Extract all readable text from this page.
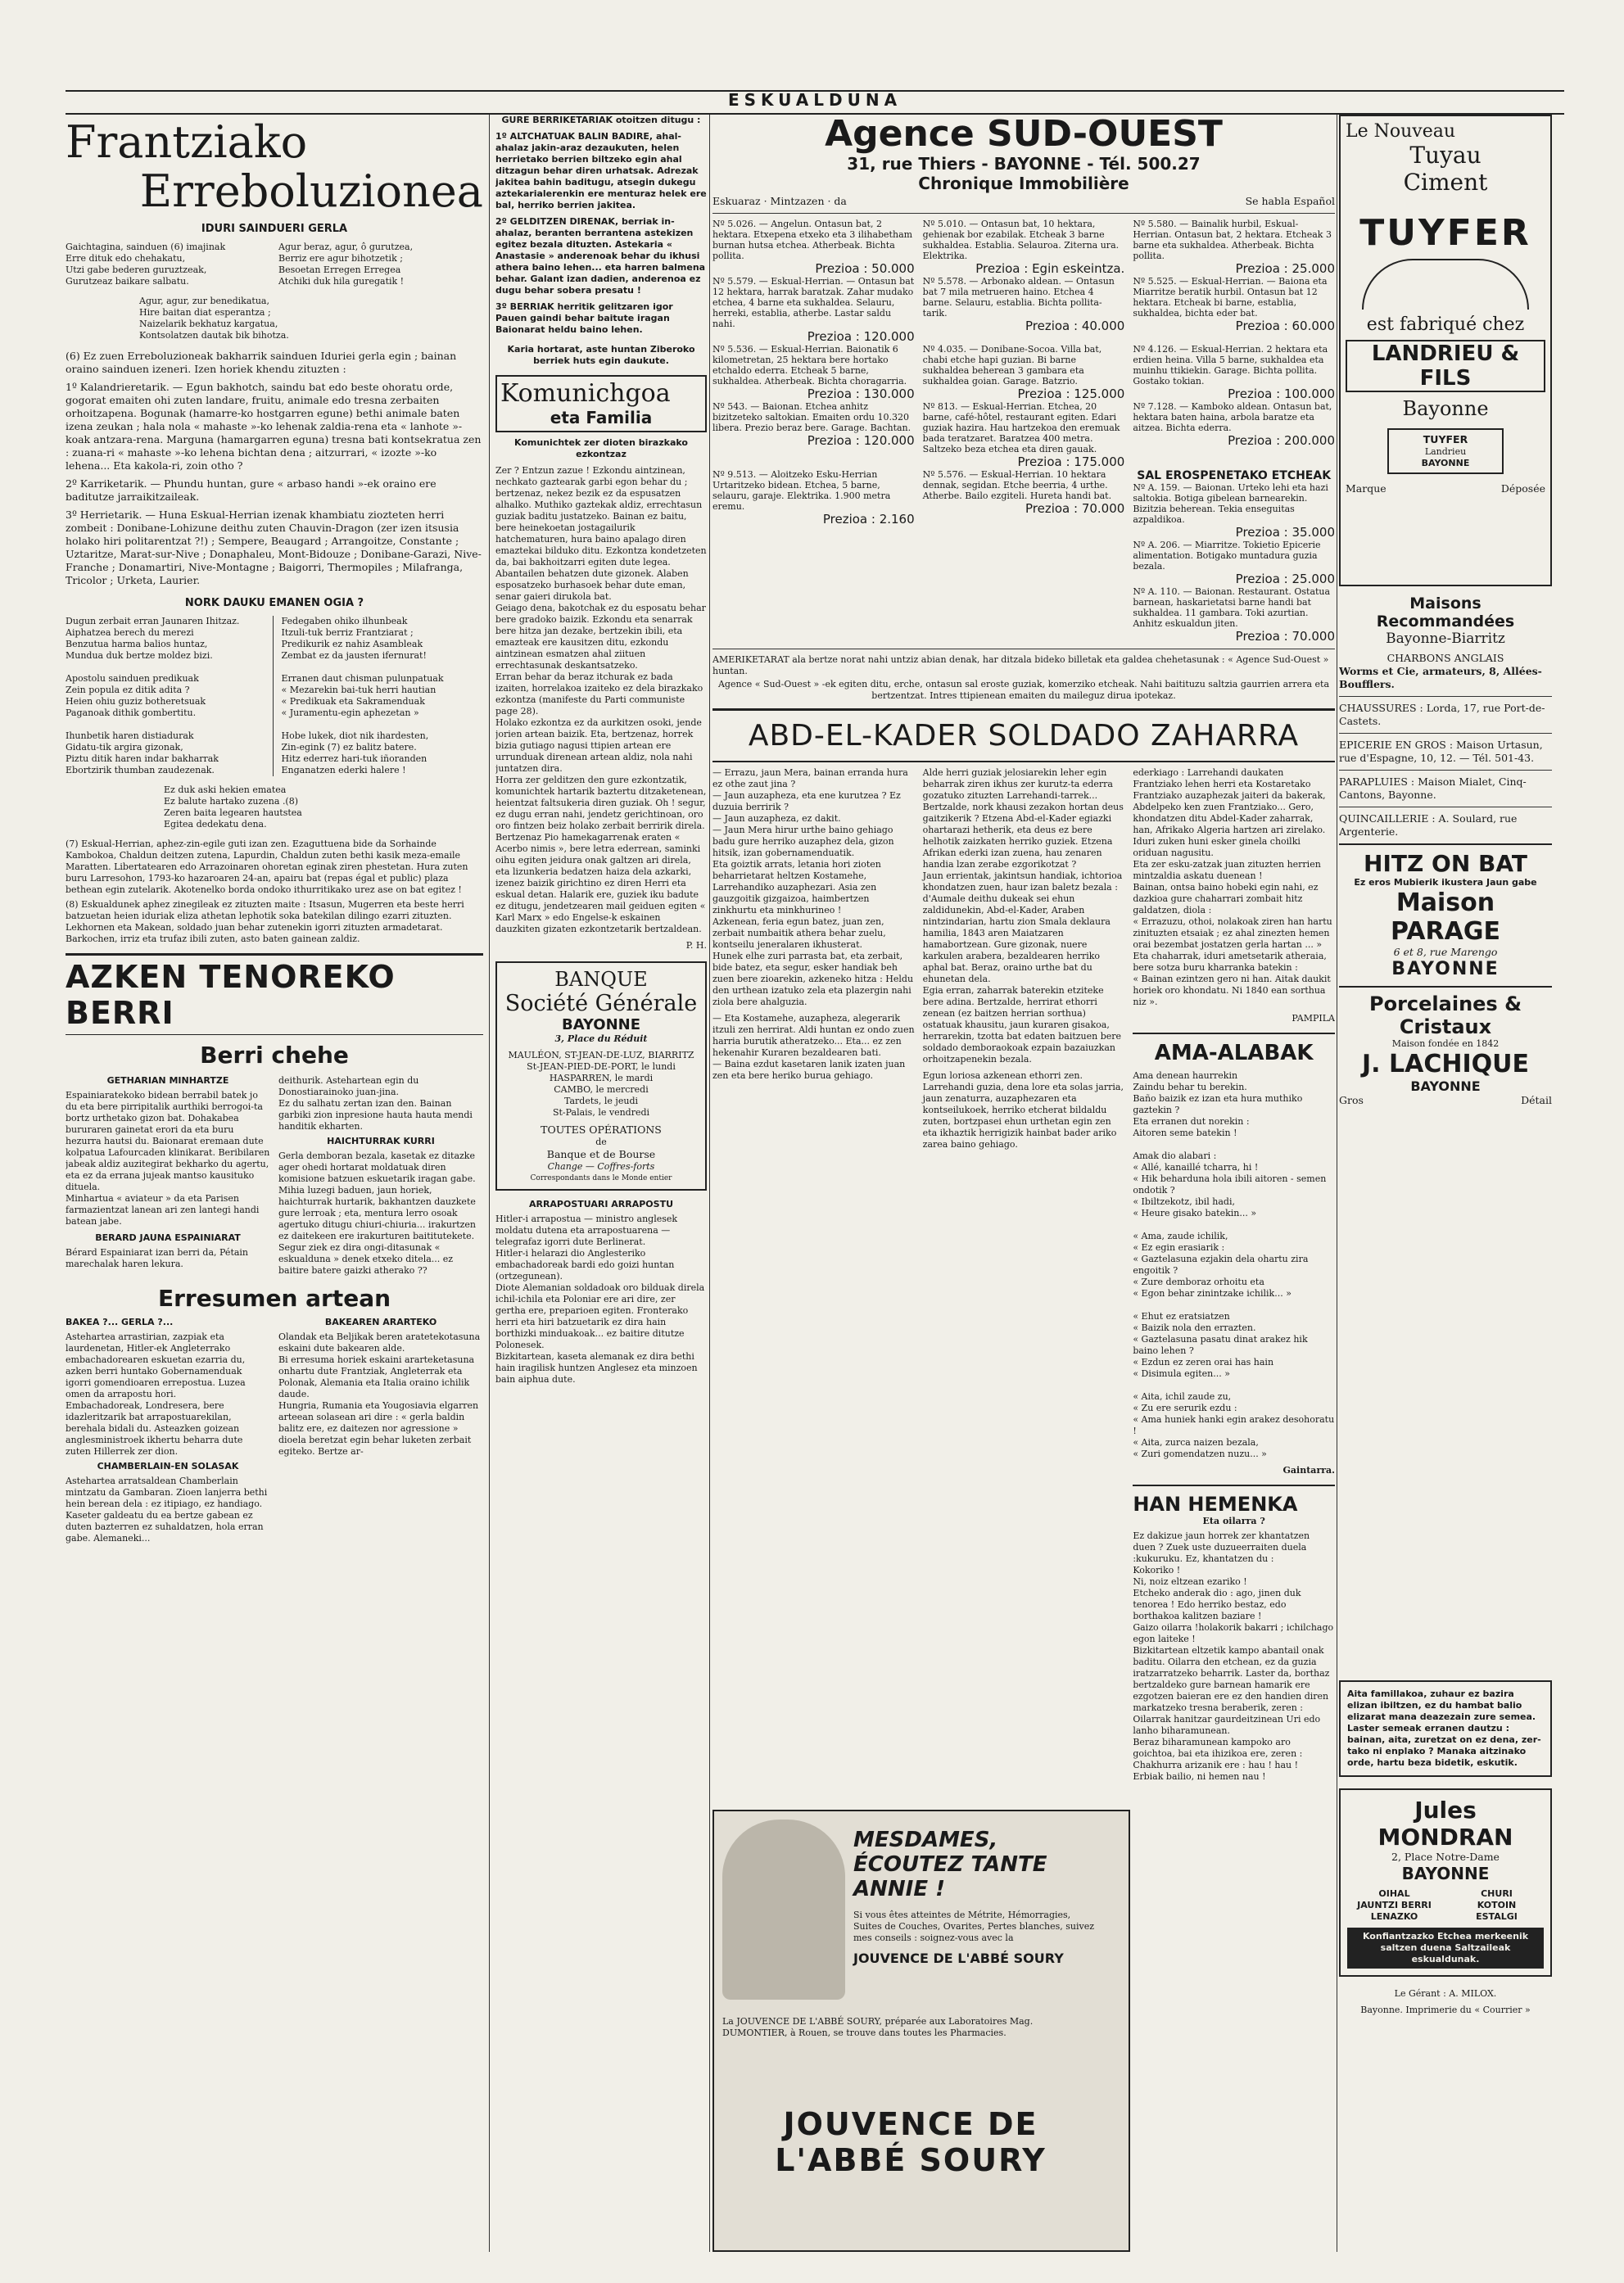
ESKUALDUNA
Frantziako
Erreboluzionea
IDURI SAINDUERI GERLA
Gaichtagina, sainduen (6) imajinak
Erre dituk edo chehakatu,
Utzi gabe bederen guruztzeak,
Gurutzeaz baikare salbatu.
Agur beraz, agur, ô gurutzea,
Berriz ere agur bihotzetik ;
Besoetan Erregen Erregea
Atchiki duk hila guregatik !
Agur, agur, zur benedikatua,
Hire baitan diat esperantza ;
Naizelarik bekhatuz kargatua,
Kontsolatzen dautak bik bihotza.

(6) Ez zuen Erreboluzioneak bakharrik sainduen Iduriei gerla egin ; bainan oraino sainduen izeneri. Izen horiek khendu zituzten :

1º Kalandrieretarik. — Egun bakhotch, saindu bat edo beste ohoratu orde, gogorat emaiten ohi zuten landare, fruitu, animale edo tresna zerbaiten orhoitzapena. Bogunak (hamarre-ko hostgarren egune) bethi animale baten izena zeukan ; hala nola « mahaste »-ko lehenak zaldia-rena eta « lanhote »-koak antzara-rena. Marguna (hamargarren eguna) tresna bati kontsekratua zen : zuana-ri « mahaste »-ko lehena bichtan dena ; aitzurrari, « izozte »-ko lehena... Eta kakola-ri, zoin otho ?

2º Karriketarik. — Phundu huntan, gure « arbaso handi »-ek oraino ere baditutze jarraikitzaileak.

3º Herrietarik. — Huna Eskual-Herrian izenak khambiatu ziozteten herri zombeit : Donibane-Lohizune deithu zuten Chauvin-Dragon (zer izen itsusia holako hiri politarentzat ?!) ; Sempere, Beaugard ; Arrangoitze, Constante ; Uztaritze, Marat-sur-Nive ; Donaphaleu, Mont-Bidouze ; Donibane-Garazi, Nive-Franche ; Donamartiri, Nive-Montagne ; Baigorri, Thermopiles ; Milafranga, Tricolor ; Urketa, Laurier.

NORK DAUKU EMANEN OGIA ?
Dugun zerbait erran Jaunaren Ihitzaz.
Aiphatzea berech du merezi
Benzutua harma balios huntaz,
Mundua duk bertze moldez bizi.

Apostolu sainduen predikuak
Zein popula ez ditik adita ?
Heien ohiu guziz botheretsuak
Paganoak dithik gombertitu.

Ihunbetik haren distiadurak
Gidatu-tik argira gizonak,
Piztu ditik haren indar bakharrak
Ebortzirik thumban zaudezenak.
Fedegaben ohiko ilhunbeak
Itzuli-tuk berriz Frantziarat ;
Predikurik ez nahiz Asambleak
Zembat ez da jausten ifernurat!

Erranen daut chisman pulunpatuak
« Mezarekin bai-tuk herri hautian
« Predikuak eta Sakramenduak
« Juramentu-egin aphezetan »

Hobe lukek, diot nik ihardesten,
Zin-egink (7) ez balitz batere.
Hitz ederrez hari-tuk iñoranden
Enganatzen ederki halere !
Ez duk aski hekien ematea
Ez balute hartako zuzena .(8)
Zeren baita legearen hautstea
Egitea dedekatu dena.

(7) Eskual-Herrian, aphez-zin-egile guti izan zen. Ezaguttuena bide da Sorhainde Kambokoa, Chaldun deitzen zutena, Lapurdin, Chaldun zuten bethi kasik meza-emaile Maratten. Libertatearen edo Arrazoinaren ohoretan eginak ziren phestetan. Hura zuten buru Larresohon, 1793-ko hazaroaren 24-an, apairu bat (repas égal et public) plaza bethean egin zutelarik. Akotenelko borda ondoko ithurritikako urez ase on bat egitez !

(8) Eskualdunek aphez zinegileak ez zituzten maite : Itsasun, Mugerren eta beste herri batzuetan heien iduriak eliza athetan lephotik soka batekilan dilingo ezarri zituzten. Lekhornen eta Makean, soldado juan behar zutenekin igorri zituzten armadetarat. Barkochen, irriz eta trufaz ibili zuten, asto baten gainean zaldiz.

AZKEN TENOREKO BERRI
Berri chehe
GETHARIAN MINHARTZE

Espainiaratekoko bidean berrabil batek jo du eta bere pirripitalik aurthiki berrogoi-ta bortz urthetako gizon bat. Dohakabea bururaren gainetat erori da eta buru hezurra hautsi du. Baionarat eremaan dute kolpatua Lafourcaden klinikarat. Beribilaren jabeak aldiz auzitegirat bekharko du agertu, eta ez da errana jujeak mantso kausituko dituela.
Minhartua « aviateur » da eta Parisen farmazientzat lanean ari zen lantegi handi batean jabe.

BERARD JAUNA ESPAINIARAT

Bérard Espainiarat izan berri da, Pétain marechalak haren lekura.

deithurik. Astehartean egin du Donostiarainoko juan-jina.
Ez du salhatu zertan izan den. Bainan garbiki zion inpresione hauta hauta mendi handitik ekharten.

HAICHTURRAK KURRI

Gerla demboran bezala, kasetak ez ditazke ager ohedi hortarat moldatuak diren komisione batzuen eskuetarik iragan gabe. Mihia luzegi baduen, jaun horiek, haichturrak hurtarik, bakhantzen dauzkete gure lerroak ; eta, mentura lerro osoak agertuko ditugu chiuri-chiuria... irakurtzen ez daitekeen ere irakurturen baititutekete.
Segur ziek ez dira ongi-ditasunak « eskualduna » denek etxeko ditela... ez baitire batere gaizki atherako ??

Erresumen artean
BAKEA ?... GERLA ?...

Astehartea arrastirian, zazpiak eta laurdenetan, Hitler-ek Angleterrako embachadorearen eskuetan ezarria du, azken berri huntako Gobernamenduak igorri gomendioaren errepostua. Luzea omen da arrapostu hori.
Embachadoreak, Londresera, bere idazleritzarik bat arrapostuarekilan, berehala bidali du. Asteazken goizean anglesministroek ikhertu beharra dute zuten Hillerrek zer dion.

CHAMBERLAIN-EN SOLASAK

Astehartea arratsaldean Chamberlain mintzatu da Gambaran. Zioen lanjerra bethi hein berean dela : ez itipiago, ez handiago. Kaseter galdeatu du ea bertze gabean ez duten bazterren ez suhaldatzen, hola erran gabe. Alemaneki...

BAKEAREN ARARTEKO

Olandak eta Beljikak beren aratetekotasuna eskaini dute bakearen alde.
Bi erresuma horiek eskaini ararteketasuna onhartu dute Frantziak, Angleterrak eta Polonak, Alemania eta Italia oraino ichilik daude.
Hungria, Rumania eta Yougosiavia elgarren arteean solasean ari dire : « gerla baldin balitz ere, ez daitezen nor agressione » dioela beretzat egin behar luketen zerbait egiteko. Bertze ar-

GURE BERRIKETARIAK otoitzen ditugu :

1º ALTCHATUAK BALIN BADIRE, ahal-ahalaz jakin-araz dezaukuten, helen herrietako berrien biltzeko egin ahal ditzagun behar diren urhatsak. Adrezak jakitea bahin baditugu, atsegin dukegu aztekarialerenkin ere menturaz helek ere bal, herriko berrien jakitea.

2º GELDITZEN DIRENAK, berriak in-ahalaz, beranten berrantena astekizen egitez bezala dituzten. Astekaria « Anastasie » anderenoak behar du ikhusi athera baino lehen... eta harren balmena behar. Galant izan dadien, anderenoa ez dugu behar sobera presatu !

3º BERRIAK herritik gelitzaren igor Pauen gaindi behar baitute iragan Baionarat heldu baino lehen.

Karia hortarat, aste huntan Ziberoko berriek huts egin daukute.

Komunichgoa
eta Familia
Komunichtek zer dioten birazkako ezkontzaz

Zer ? Entzun zazue ! Ezkondu aintzinean, nechkato gaztearak garbi egon behar du ; bertzenaz, nekez bezik ez da espusatzen alhalko. Muthiko gaztekak aldiz, errechtasun guziak baditu justatzeko. Bainan ez baitu, bere heinekoetan jostagailurik hatchematuren, hura baino apalago diren emaztekai bilduko ditu. Ezkontza kondetzeten da, bai bakhoitzarri egiten dute legea. Abantailen behatzen dute gizonek. Alaben esposatzeko burhasoek behar dute eman, senar gaieri dirukola bat.
Geiago dena, bakotchak ez du esposatu behar bere gradoko baizik. Ezkondu eta senarrak bere hitza jan dezake, bertzekin ibili, eta emazteak ere kausitzen ditu, ezkondu aintzinean esmatzen ahal ziituen errechtasunak deskantsatzeko.
Erran behar da beraz itchurak ez bada izaiten, horrelakoa izaiteko ez dela birazkako ezkontza (manifeste du Parti communiste page 28).
Holako ezkontza ez da aurkitzen osoki, jende jorien artean baizik. Eta, bertzenaz, horrek bizia gutiago nagusi ttipien artean ere urrunduak direnean artean aldiz, nola nahi juntatzen dira.
Horra zer gelditzen den gure ezkontzatik, komunichtek hartarik baztertu ditzaketenean, heientzat faltsukeria diren guziak. Oh ! segur, ez dugu erran nahi, jendetz gerichtinoan, oro oro fintzen beiz holako zerbait berririk direla. Bertzenaz Pio hamekagarrenak eraten « Acerbo nimis », bere letra ederrean, saminki oihu egiten jeidura onak galtzen ari direla, eta lizunkeria bedatzen haiza dela azkarki, izenez baizik girichtino ez diren Herri eta eskual detan. Halarik ere, guziek iku badute ez ditugu, jendetzearen mail geiduen egiten « Karl Marx » edo Engelse-k eskainen dauzkiten gizaten ezkontzetarik bertzaldean.

P. H.
BANQUE
Société Générale
BAYONNE
3, Place du Réduit
MAULÉON, ST-JEAN-DE-LUZ, BIARRITZ
St-JEAN-PIED-DE-PORT, le lundi
HASPARREN, le mardi
CAMBO, le mercredi
Tardets, le jeudi
St-Palais, le vendredi
TOUTES OPÉRATIONS
de
Banque et de Bourse
Change — Coffres-forts
Correspondants dans le Monde entier
ARRAPOSTUARI ARRAPOSTU

Hitler-i arrapostua — ministro anglesek moldatu dutena eta arrapostuarena — telegrafaz igorri dute Berlinerat.
Hitler-i helarazi dio Anglesteriko embachadoreak bardi edo goizi huntan (ortzegunean).
Diote Alemanian soldadoak oro bilduak direla ichil-ichila eta Poloniar ere ari dire, zer gertha ere, preparioen egiten. Fronterako herri eta hiri batzuetarik ez dira hain borthizki minduakoak... ez baitire ditutze Polonesek.
Bizkitartean, kaseta alemanak ez dira bethi hain iragilisk huntzen Anglesez eta minzoen bain aiphua dute.

Agence SUD-OUEST
31, rue Thiers - BAYONNE - Tél. 500.27
Chronique Immobilière
Eskuaraz · Mintzazen · da	Se habla Español
Nº 5.026. — Angelun. Ontasun bat, 2 hektara. Etxepena etxeko eta 3 ilihabetham burnan hutsa etchea. Atherbeak. Bichta pollita.
Prezioa : 50.000
Nº 5.010. — Ontasun bat, 10 hektara, gehienak bor ezabilak. Etcheak 3 barne sukhaldea. Establia. Selauroa. Ziterna ura. Elektrika.
Prezioa : Egin eskeintza.
Nº 5.580. — Bainalik hurbil, Eskual-Herrian. Ontasun bat, 2 hektara. Etcheak 3 barne eta sukhaldea. Atherbeak. Bichta pollita.
Prezioa : 25.000
Nº 5.579. — Eskual-Herrian. — Ontasun bat 12 hektara, harrak baratzak. Zahar mudako etchea, 4 barne eta sukhaldea. Selauru, herreki, establia, atherbe. Lastar saldu nahi.
Prezioa : 120.000
Nº 5.578. — Arbonako aldean. — Ontasun bat 7 mila metrueren haino. Etchea 4 barne. Selauru, establia. Bichta pollita-tarik.
Prezioa : 40.000
Nº 5.525. — Eskual-Herrian. — Baiona eta Miarritze beratik hurbil. Ontasun bat 12 hektara. Etcheak bi barne, establia, sukhaldea, bichta eder bat.
Prezioa : 60.000
Nº 5.536. — Eskual-Herrian. Baionatik 6 kilometretan, 25 hektara bere hortako etchaldo ederra. Etcheak 5 barne, sukhaldea. Atherbeak. Bichta choragarria.
Prezioa : 130.000
Nº 4.035. — Donibane-Socoa. Villa bat, chabi etche hapi guzian. Bi barne sukhaldea beherean 3 gambara eta sukhaldea goian. Garage. Batzrio.
Prezioa : 125.000
Nº 4.126. — Eskual-Herrian. 2 hektara eta erdien heina. Villa 5 barne, sukhaldea eta muinhu ttikiekin. Garage. Bichta pollita. Gostako tokian.
Prezioa : 100.000
Nº 543. — Baionan. Etchea anhitz bizitzeteko saltokian. Emaiten ordu 10.320 libera. Prezio beraz bere. Garage. Bachtan.
Prezioa : 120.000
Nº 813. — Eskual-Herrian. Etchea, 20 barne, café-hôtel, restaurant egiten. Edari guziak hazira. Hau hartzekoa den eremuak bada teratzaret. Baratzea 400 metra. Saltzeko beza etchea eta diren gauak.
Prezioa : 175.000
Nº 7.128. — Kamboko aldean. Ontasun bat, hektara baten haina, arbola baratze eta aitzea. Bichta ederra.
Prezioa : 200.000
Nº 9.513. — Aloitzeko Esku-Herrian Urtaritzeko bidean. Etchea, 5 barne, selauru, garaje. Elektrika. 1.900 metra eremu.
Prezioa : 2.160
Nº 5.576. — Eskual-Herrian. 10 hektara dennak, segidan. Etche beerria, 4 urthe. Atherbe. Bailo ezgiteli. Hureta handi bat.
Prezioa : 70.000
SAL EROSPENETAKO ETCHEAK
Nº A. 159. — Baionan. Urteko lehi eta hazi saltokia. Botiga gibelean barnearekin. Bizitzia beherean. Tekia enseguitas azpaldikoa.
Prezioa : 35.000
Nº A. 206. — Miarritze. Tokietio Epicerie alimentation. Botigako muntadura guzia bezala.
Prezioa : 25.000
Nº A. 110. — Baionan. Restaurant. Ostatua barnean, haskarietatsi barne handi bat sukhaldea. 11 gambara. Toki azurtian. Anhitz eskualdun jiten.
Prezioa : 70.000

AMERIKETARAT ala bertze norat nahi untziz abian denak, har ditzala bideko billetak eta galdea chehetasunak : « Agence Sud-Ouest » huntan.

Agence « Sud-Ouest » -ek egiten ditu, erche, ontasun sal eroste guziak, komerziko etcheak. Nahi baitituzu saltzia gaurrien arrera eta bertzentzat. Intres ttipienean emaiten du maileguz dirua ipotekaz.

ABD-EL-KADER SOLDADO ZAHARRA

— Errazu, jaun Mera, bainan erranda hura ez othe zaut jina ?
— Jaun auzapheza, eta ene kurutzea ? Ez duzuia berririk ?
— Jaun auzapheza, ez dakit.
— Jaun Mera hirur urthe baino gehiago badu gure herriko auzaphez dela, gizon hitsik, izan gobernamenduatik.
Eta goiztik arrats, letania hori zioten beharrietarat heltzen Kostamehe, Larrehandiko auzaphezari. Asia zen gauzgoitik gizgaizoa, haimbertzen zinkhurtu eta minkhurineo !
Azkenean, feria egun batez, juan zen, zerbait numbaitik athera behar zuelu, kontseilu jeneralaren ikhusterat.
Hunek elhe zuri parrasta bat, eta zerbait, bide batez, eta segur, esker handiak beh zuen bere zioarekin, azkeneko hitza : Heldu den urthean izatuko zela eta plazergin nahi ziola bere ahalguzia.

— Eta Kostamehe, auzapheza, alegerarik itzuli zen herrirat. Aldi huntan ez ondo zuen harria burutik atheratzeko... Eta... ez zen hekenahir Kuraren bezaldearen bati.
— Baina ezdut kasetaren lanik izaten juan zen eta bere heriko burua gehiago.

Alde herri guziak jelosiarekin leher egin beharrak ziren ikhus zer kurutz-ta ederra gozatuko zituzten Larrehandi-tarrek...
Bertzalde, nork khausi zezakon hortan deus gaitzikerik ? Etzena Abd-el-Kader egiazki ohartarazi hetherik, eta deus ez bere helhotik zaizkaten herriko guziek. Etzena Afrikan ederki izan zuena, hau zenaren handia lzan zerabe ezgorikotzat ?
Jaun errientak, jakintsun handiak, ichtorioa khondatzen zuen, haur izan baletz bezala : d'Aumale deithu dukeak sei ehun zaldidunekin, Abd-el-Kader, Araben nintzindarian, hartu zion Smala deklaura hamilia, 1843 aren Maiatzaren hamabortzean. Gure gizonak, nuere karkulen arabera, bezaldearen herriko aphal bat. Beraz, oraino urthe bat du ehunetan dela.
Egia erran, zaharrak baterekin etziteke bere adina. Bertzalde, herrirat ethorri zenean (ez baitzen herrian sorthua) ostatuak khausitu, jaun kuraren gisakoa, herrarekin, tzotta bat edaten baitzuen bere soldado demboraokoak ezpain bazaiuzkan orhoitzapenekin bezala.

Egun loriosa azkenean ethorri zen.
Larrehandi guzia, dena lore eta solas jarria, jaun zenaturra, auzaphezaren eta kontseilukoek, herriko etcherat bildaldu zuten, bortzpasei ehun urthetan egin zen eta ikhaztik herrigizik hainbat bader ariko zarea baino gehiago.

ederkiago : Larrehandi daukaten Frantziako lehen herri eta Kostaretako Frantziako auzaphezak jaiteri da bakerak, Abdelpeko ken zuen Frantziako... Gero, khondatzen ditu Abdel-Kader zaharrak, han, Afrikako Algeria hartzen ari zirelako.
Iduri zuken huni esker ginela choilki oriduan nagusitu.
Eta zer esku-zatzak juan zituzten herrien mintzaldia askatu duenean !
Bainan, ontsa baino hobeki egin nahi, ez dazkioa gure chaharrari zombait hitz galdatzen, diola :
« Errazuzu, othoi, nolakoak ziren han hartu zinituzten etsaiak ; ez ahal zinezten hemen orai bezembat jostatzen gerla hartan ... »
Eta chaharrak, iduri ametsetarik atheraia, bere sotza buru kharranka batekin :
« Bainan ezintzen gero ni han. Aitak daukit horiek oro khondatu. Ni 1840 ean sorthua niz ».

PAMPILA
AMA-ALABAK

Ama denean haurrekin
Zaindu behar tu berekin.
Baño baizik ez izan eta hura muthiko gaztekin ?
Eta erranen dut norekin :
Aitoren seme batekin !

Amak dio alabari :
« Allé, kanaillé tcharra, hi !
« Hik beharduna hola ibili aitoren - semen ondotik ?
« Ibiltzekotz, ibil hadi,
« Heure gisako batekin... »

« Ama, zaude ichilik,
« Ez egin erasiarik :
« Gaztelasuna ezjakin dela ohartu zira engoitik ?
« Zure demboraz orhoitu eta
« Egon behar zinintzake ichilik... »

« Ehut ez eratsiatzen
« Baizik nola den errazten.
« Gaztelasuna pasatu dinat arakez hik baino lehen ?
« Ezdun ez zeren orai has hain
« Disimula egiten... »

« Aita, ichil zaude zu,
« Zu ere serurik ezdu :
« Ama huniek hanki egin arakez desohoratu !
« Aita, zurca naizen bezala,
« Zuri gomendatzen nuzu... »

Gaintarra.
HAN HEMENKA
Eta oilarra ?

Ez dakizue jaun horrek zer khantatzen duen ? Zuek uste duzueerraiten duela :kukuruku. Ez, khantatzen du :
Kokoriko !
Ni, noiz eltzean ezariko !
Etcheko anderak dio : ago, jinen duk tenorea ! Edo herriko bestaz, edo borthakoa kalitzen baziare !
Gaizo oilarra !holakorik bakarri ; ichilchago egon laiteke !
Bizkitartean eltzetik kampo abantail onak baditu. Oilarra den etchean, ez da guzia iratzarratzeko beharrik. Laster da, borthaz bertzaldeko gure barnean hamarik ere ezgotzen baieran ere ez den handien diren markatzeko tresna beraberik, zeren :
Oilarrak hanitzar gaurdeitzinean Uri edo lanho biharamunean.
Beraz biharamunean kampoko aro goichtoa, bai eta ihizikoa ere, zeren :
Chakhurra arizanik ere : hau ! hau !
Erbiak bailio, ni hemen nau !

MESDAMES, ÉCOUTEZ TANTE ANNIE !
Si vous êtes atteintes de Métrite, Hémorragies, Suites de Couches, Ovarites, Pertes blanches, suivez mes conseils : soignez-vous avec la
JOUVENCE DE L'ABBÉ SOURY
La JOUVENCE DE L'ABBÉ SOURY, préparée aux Laboratoires Mag. DUMONTIER, à Rouen, se trouve dans toutes les Pharmacies.
JOUVENCE DE L'ABBÉ SOURY
Le Nouveau
Tuyau
Ciment
TUYFER
est fabriqué chez
LANDRIEU & FILS
Bayonne
TUYFER
Landrieu
BAYONNE
Marque	Déposée
Maisons Recommandées
Bayonne-Biarritz
CHARBONS ANGLAIS
Worms et Cie, armateurs, 8, Allées-Boufflers.
CHAUSSURES : Lorda, 17, rue Port-de-Castets.
EPICERIE EN GROS : Maison Urtasun, rue d'Espagne, 10, 12. — Tél. 501-43.
PARAPLUIES : Maison Mialet, Cinq-Cantons, Bayonne.
QUINCAILLERIE : A. Soulard, rue Argenterie.
HITZ ON BAT
Ez eros Mubierik ikustera Jaun gabe
Maison PARAGE
6 et 8, rue Marengo
BAYONNE
Porcelaines & Cristaux
Maison fondée en 1842
J. LACHIQUE
BAYONNE
Gros	Détail
Aita famillakoa, zuhaur ez bazira elizan ibiltzen, ez du hambat balio elizarat mana deazezain zure semea. Laster semeak erranen dautzu : bainan, aita, zuretzat on ez dena, zer-tako ni enplako ? Manaka aitzinako orde, hartu beza bidetik, eskutik.
Jules MONDRAN
2, Place Notre-Dame
BAYONNE
OIHAL
JAUNTZI BERRI
LENAZKO
CHURI
KOTOIN
ESTALGI
Konfiantzazko Etchea merkeenik saltzen duena Saltzaileak eskualdunak.
Le Gérant : A. MILOX.
Bayonne. Imprimerie du « Courrier »
